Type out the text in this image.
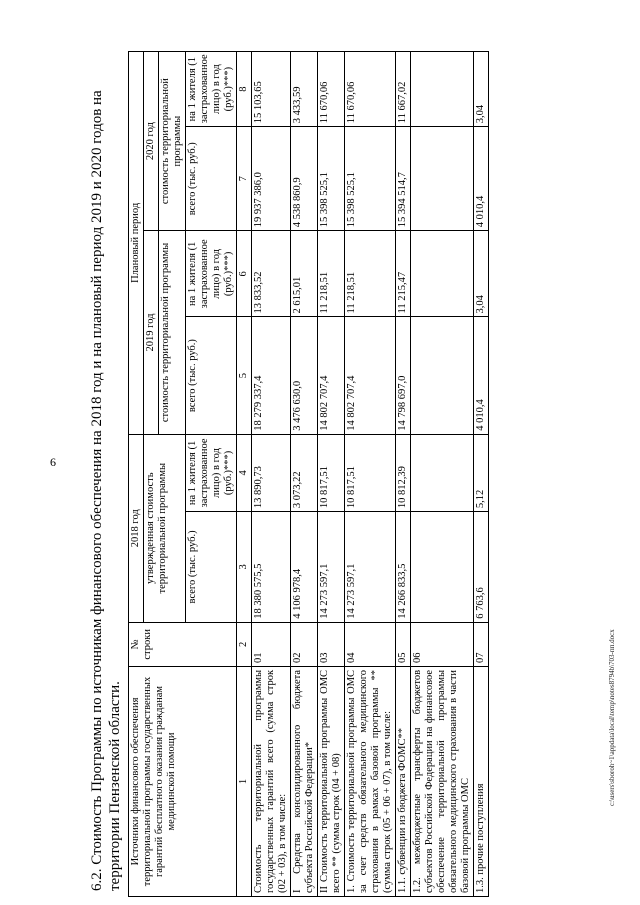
6
c:\users\sboroh~1\appdata\local\temp\notes8794b\703-пп.docx

6.2. Стоимость Программы по источникам финансового обеспечения на 2018 год и на плановый период 2019 и 2020 годов на территории Пензенской области. Источники финансового обеспечения территориальной программы государственных гарантий бесплатного оказания гражданам медицинской помощи	№ строки	2018 год		Плановый период			
		утвержденная стоимость территориальной программы		2019 год		2020 год	
				стоимость территориальной программы		стоимость территориальной программы	
		всего (тыс. руб.)	на 1 жителя (1 застрахованное лицо) в год (руб.)***)	всего (тыс. руб.)	на 1 жителя (1 застрахованное лицо) в год (руб.)***)	всего (тыс. руб.)	на 1 жителя (1 застрахованное лицо) в год (руб.)***)
1	2	3	4	5	6	7	8
Стоимость территориальной программы государственных гарантий всего (сумма строк (02 + 03), в том числе:	01	18 380 575,5	13 890,73	18 279 337,4	13 833,52	19 937 386,0	15 103,65
I Средства консолидированного бюджета субъекта Российской Федерации*	02	4 106 978,4	3 073,22	3 476 630,0	2 615,01	4 538 860,9	3 433,59
II Стоимость территориальной программы ОМС всего ** (сумма строк (04 + 08)	03	14 273 597,1	10 817,51	14 802 707,4	11 218,51	15 398 525,1	11 670,06
1. Стоимость территориальной программы ОМС за счет средств обязательного медицинского страхования в рамках базовой программы ** (сумма строк (05 + 06 + 07), в том числе:	04	14 273 597,1	10 817,51	14 802 707,4	11 218,51	15 398 525,1	11 670,06
1.1. субвенции из бюджета ФОМС**	05	14 266 833,5	10 812,39	14 798 697,0	11 215,47	15 394 514,7	11 667,02
1.2. межбюджетные трансферты бюджетов субъектов Российской Федерации на финансовое обеспечение территориальной программы обязательного медицинского страхования в части базовой программы ОМС	06						
1.3. прочие поступления	07	6 763,6	5,12	4 010,4	3,04	4 010,4	3,04
